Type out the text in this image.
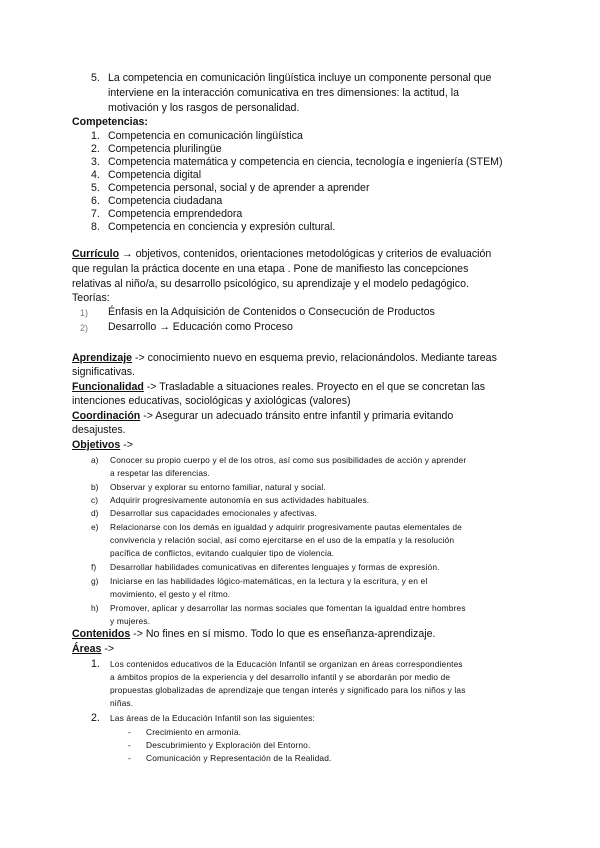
5. La competencia en comunicación lingüística incluye un componente personal que
interviene en la interacción comunicativa en tres dimensiones: la actitud, la
motivación y los rasgos de personalidad.
Competencias:
1. Competencia en comunicación lingüística
2. Competencia plurilingüe
3. Competencia matemática y competencia en ciencia, tecnología e ingeniería (STEM)
4. Competencia digital
5. Competencia personal, social y de aprender a aprender
6. Competencia ciudadana
7. Competencia emprendedora
8. Competencia en conciencia y expresión cultural.
Currículo → objetivos, contenidos, orientaciones metodológicas y criterios de evaluación
que regulan la práctica docente en una etapa . Pone de manifiesto las concepciones
relativas al niño/a, su desarrollo psicológico, su aprendizaje y el modelo pedagógico.
Teorías:
1) Énfasis en la Adquisición de Contenidos o Consecución de Productos
2) Desarrollo → Educación como Proceso
Aprendizaje -> conocimiento nuevo en esquema previo, relacionándolos. Mediante tareas
significativas.
Funcionalidad -> Trasladable a situaciones reales. Proyecto en el que se concretan las
intenciones educativas, sociológicas y axiológicas (valores)
Coordinación -> Asegurar un adecuado tránsito entre infantil y primaria evitando
desajustes.
Objetivos ->
a) Conocer su propio cuerpo y el de los otros, así como sus posibilidades de acción y aprender
a respetar las diferencias.
b) Observar y explorar su entorno familiar, natural y social.
c) Adquirir progresivamente autonomía en sus actividades habituales.
d) Desarrollar sus capacidades emocionales y afectivas.
e) Relacionarse con los demás en igualdad y adquirir progresivamente pautas elementales de
convivencia y relación social, así como ejercitarse en el uso de la empatía y la resolución
pacífica de conflictos, evitando cualquier tipo de violencia.
f) Desarrollar habilidades comunicativas en diferentes lenguajes y formas de expresión.
g) Iniciarse en las habilidades lógico-matemáticas, en la lectura y la escritura, y en el
movimiento, el gesto y el ritmo.
h) Promover, aplicar y desarrollar las normas sociales que fomentan la igualdad entre hombres
y mujeres.
Contenidos -> No fines en sí mismo. Todo lo que es enseñanza-aprendizaje.
Áreas ->
1. Los contenidos educativos de la Educación Infantil se organizan en áreas correspondientes
a ámbitos propios de la experiencia y del desarrollo infantil y se abordarán por medio de
propuestas globalizadas de aprendizaje que tengan interés y significado para los niños y las
niñas.
2. Las áreas de la Educación Infantil son las siguientes:
- Crecimiento en armonía.
- Descubrimiento y Exploración del Entorno.
- Comunicación y Representación de la Realidad.
